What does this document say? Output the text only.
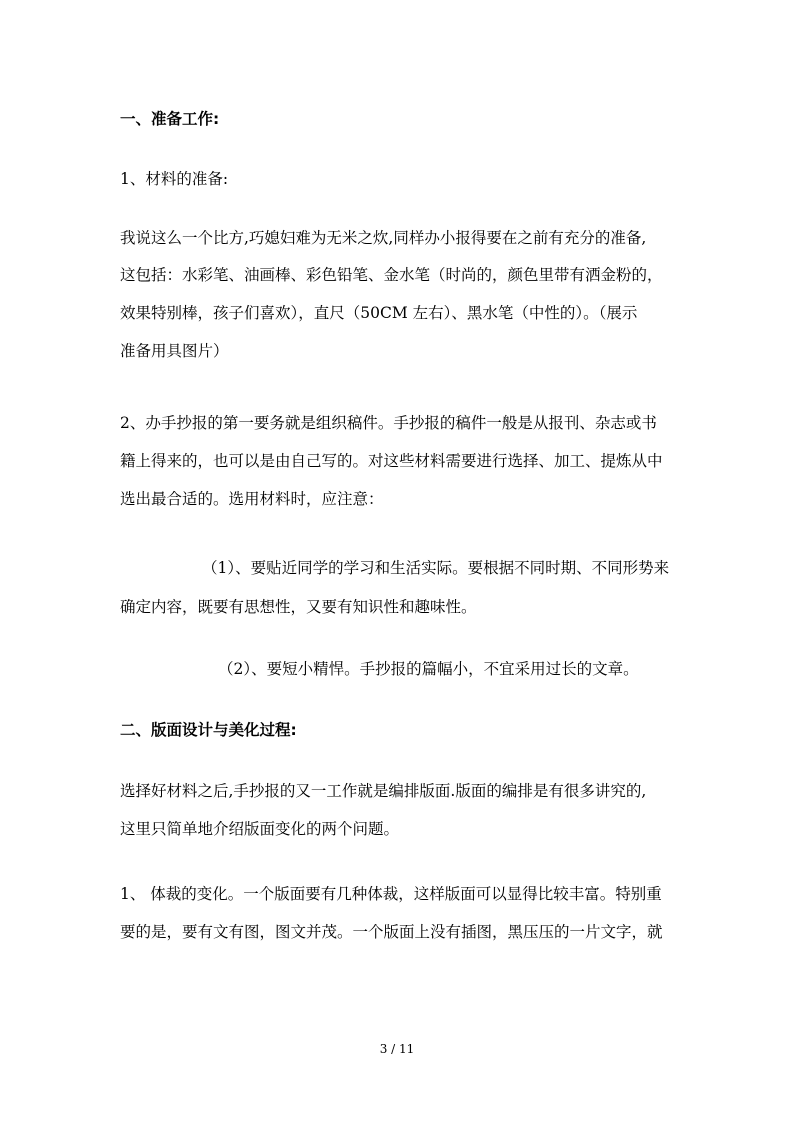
一、准备工作:
1、材料的准备:
我说这么一个比方,巧媳妇难为无米之炊,同样办小报得要在之前有充分的准备,
这包括：水彩笔、油画棒、彩色铅笔、金水笔（时尚的，颜色里带有洒金粉的，
效果特别棒，孩子们喜欢），直尺（50CM 左右）、黑水笔（中性的）。（展示
准备用具图片）
2、办手抄报的第一要务就是组织稿件。手抄报的稿件一般是从报刊、杂志或书
籍上得来的，也可以是由自己写的。对这些材料需要进行选择、加工、提炼从中
选出最合适的。选用材料时，应注意：
（1）、要贴近同学的学习和生活实际。要根据不同时期、不同形势来
确定内容，既要有思想性，又要有知识性和趣味性。
（2）、要短小精悍。手抄报的篇幅小，不宜采用过长的文章。
二、版面设计与美化过程:
选择好材料之后,手抄报的又一工作就是编排版面.版面的编排是有很多讲究的,
这里只简单地介绍版面变化的两个问题。
1、 体裁的变化。一个版面要有几种体裁，这样版面可以显得比较丰富。特别重
要的是，要有文有图，图文并茂。一个版面上没有插图，黑压压的一片文字，就
3 / 11
